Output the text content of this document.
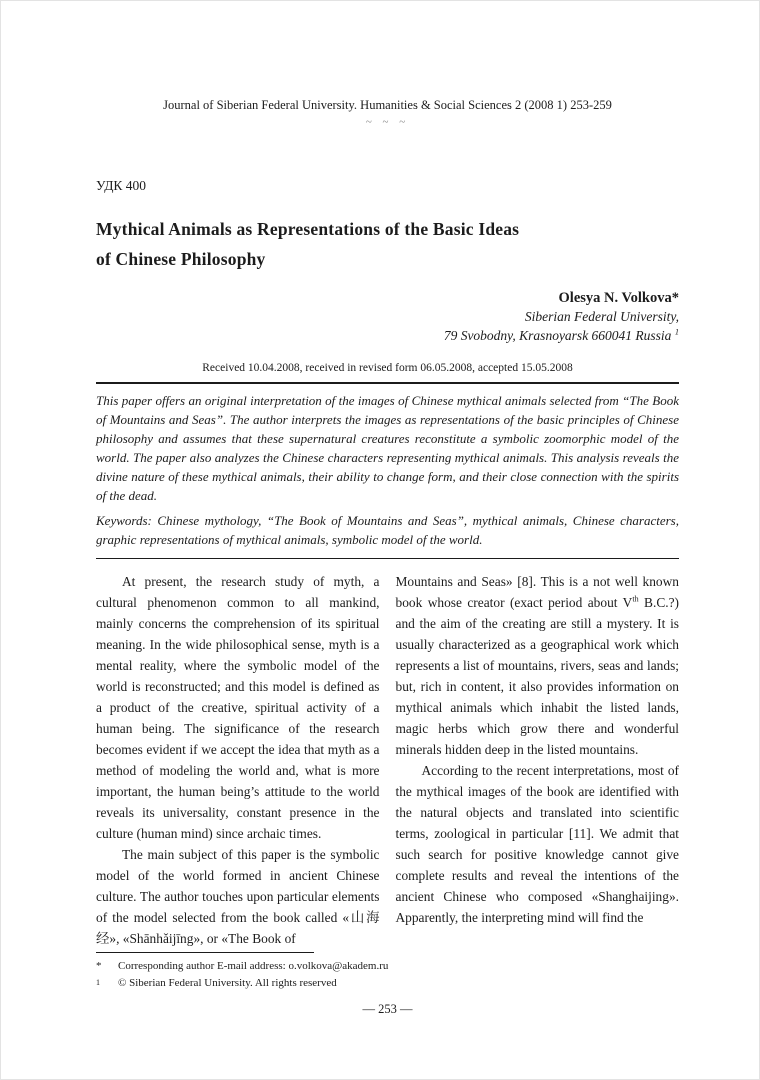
Journal of Siberian Federal University. Humanities & Social Sciences 2 (2008 1) 253-259
~ ~ ~
УДК 400
Mythical Animals as Representations of the Basic Ideas
of Chinese Philosophy
Olesya N. Volkova*
Siberian Federal University,
79 Svobodny, Krasnoyarsk 660041 Russia $^1$
Received 10.04.2008, received in revised form 06.05.2008, accepted 15.05.2008

This paper offers an original interpretation of the images of Chinese mythical animals selected from “The Book of Mountains and Seas”. The author interprets the images as representations of the basic principles of Chinese philosophy and assumes that these supernatural creatures reconstitute a symbolic zoomorphic model of the world. The paper also analyzes the Chinese characters representing mythical animals. This analysis reveals the divine nature of these mythical animals, their ability to change form, and their close connection with the spirits of the dead.

Keywords: Chinese mythology, “The Book of Mountains and Seas”, mythical animals, Chinese characters, graphic representations of mythical animals, symbolic model of the world.

At present, the research study of myth, a cultural phenomenon common to all mankind, mainly concerns the comprehension of its spiritual meaning. In the wide philosophical sense, myth is a mental reality, where the symbolic model of the world is reconstructed; and this model is defined as a product of the creative, spiritual activity of a human being. The significance of the research becomes evident if we accept the idea that myth as a method of modeling the world and, what is more important, the human being’s attitude to the world reveals its universality, constant presence in the culture (human mind) since archaic times.

The main subject of this paper is the symbolic model of the world formed in ancient Chinese culture. The author touches upon particular elements of the model selected from the book called «山海经», «Shānhǎijīng», or «The Book of

Mountains and Seas» [8]. This is a not well known book whose creator (exact period about Vth B.C.?) and the aim of the creating are still a mystery. It is usually characterized as a geographical work which represents a list of mountains, rivers, seas and lands; but, rich in content, it also provides information on mythical animals which inhabit the listed lands, magic herbs which grow there and wonderful minerals hidden deep in the listed mountains.

According to the recent interpretations, most of the mythical images of the book are identified with the natural objects and translated into scientific terms, zoological in particular [11]. We admit that such search for positive knowledge cannot give complete results and reveal the intentions of the ancient Chinese who composed «Shanghaijing». Apparently, the interpreting mind will find the

*	Corresponding author E-mail address: o.volkova@akadem.ru
1	© Siberian Federal University. All rights reserved
— 253 —
